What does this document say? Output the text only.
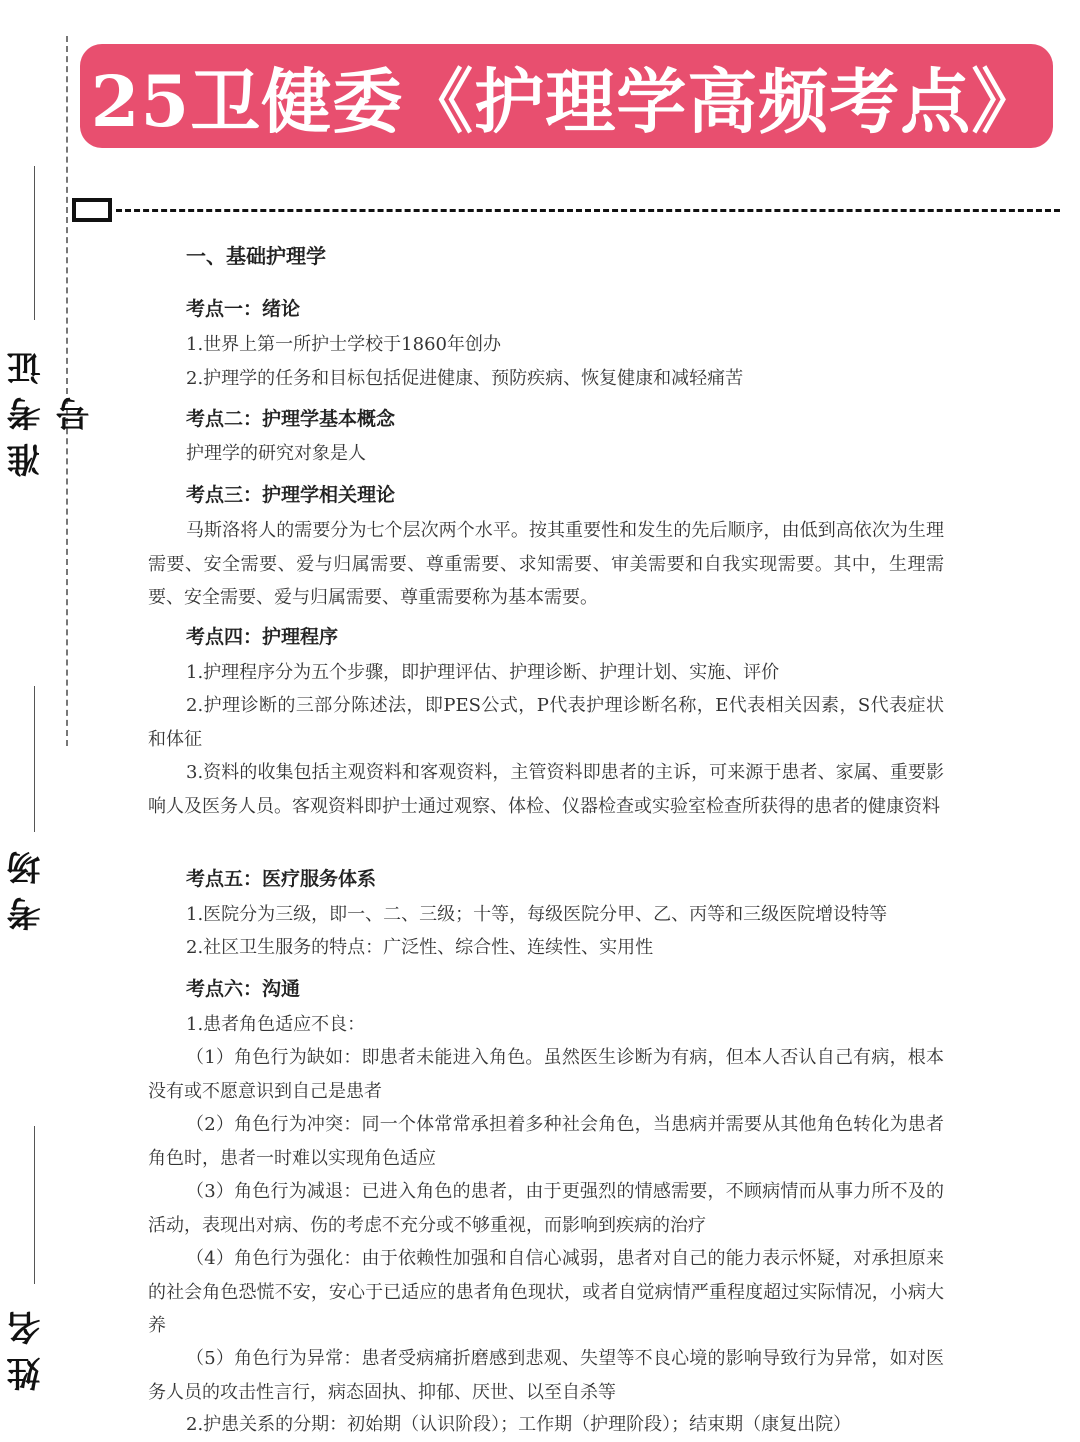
25卫健委《护理学高频考点》
准考证号
考场
姓名
一、基础护理学
考点一：绪论
1.世界上第一所护士学校于1860年创办
2.护理学的任务和目标包括促进健康、预防疾病、恢复健康和减轻痛苦
考点二：护理学基本概念
护理学的研究对象是人
考点三：护理学相关理论
马斯洛将人的需要分为七个层次两个水平。按其重要性和发生的先后顺序，由低到高依次为生理需要、安全需要、爱与归属需要、尊重需要、求知需要、审美需要和自我实现需要。其中，生理需要、安全需要、爱与归属需要、尊重需要称为基本需要。
考点四：护理程序
1.护理程序分为五个步骤，即护理评估、护理诊断、护理计划、实施、评价
2.护理诊断的三部分陈述法，即PES公式，P代表护理诊断名称，E代表相关因素，S代表症状和体征
3.资料的收集包括主观资料和客观资料，主管资料即患者的主诉，可来源于患者、家属、重要影响人及医务人员。客观资料即护士通过观察、体检、仪器检查或实验室检查所获得的患者的健康资料
考点五：医疗服务体系
1.医院分为三级，即一、二、三级；十等，每级医院分甲、乙、丙等和三级医院增设特等
2.社区卫生服务的特点：广泛性、综合性、连续性、实用性
考点六：沟通
1.患者角色适应不良：
（1）角色行为缺如：即患者未能进入角色。虽然医生诊断为有病，但本人否认自己有病，根本没有或不愿意识到自己是患者
（2）角色行为冲突：同一个体常常承担着多种社会角色，当患病并需要从其他角色转化为患者角色时，患者一时难以实现角色适应
（3）角色行为减退：已进入角色的患者，由于更强烈的情感需要，不顾病情而从事力所不及的活动，表现出对病、伤的考虑不充分或不够重视，而影响到疾病的治疗
（4）角色行为强化：由于依赖性加强和自信心减弱，患者对自己的能力表示怀疑，对承担原来的社会角色恐慌不安，安心于已适应的患者角色现状，或者自觉病情严重程度超过实际情况，小病大养
（5）角色行为异常：患者受病痛折磨感到悲观、失望等不良心境的影响导致行为异常，如对医务人员的攻击性言行，病态固执、抑郁、厌世、以至自杀等
2.护患关系的分期：初始期（认识阶段）；工作期（护理阶段）；结束期（康复出院）
